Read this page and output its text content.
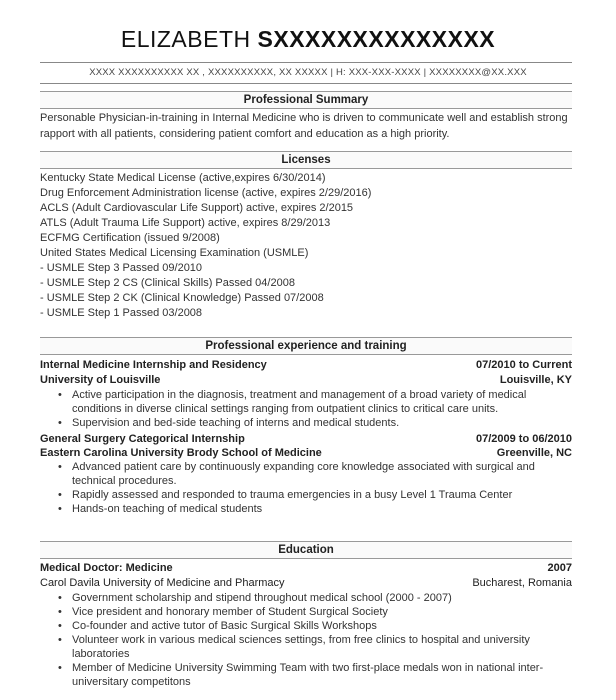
ELIZABETH SXXXXXXXXXXXXXX
XXXX XXXXXXXXXX XX , XXXXXXXXXX, XX XXXXX | H: XXX-XXX-XXXX | XXXXXXXX@XX.XXX
Professional Summary
Personable Physician-in-training in Internal Medicine who is driven to communicate well and establish strong rapport with all patients, considering patient comfort and education as a high priority.
Licenses
Kentucky State Medical License (active,expires 6/30/2014)
Drug Enforcement Administration license (active, expires 2/29/2016)
ACLS (Adult Cardiovascular Life Support) active, expires 2/2015
ATLS (Adult Trauma Life Support) active, expires 8/29/2013
ECFMG Certification (issued 9/2008)
United States Medical Licensing Examination (USMLE)
- USMLE Step 3 Passed 09/2010
- USMLE Step 2 CS (Clinical Skills) Passed 04/2008
- USMLE Step 2 CK (Clinical Knowledge) Passed 07/2008
- USMLE Step 1 Passed 03/2008
Professional experience and training
Internal Medicine Internship and Residency	07/2010 to Current
University of Louisville	Louisville, KY
• Active participation in the diagnosis, treatment and management of a broad variety of medical conditions in diverse clinical settings ranging from outpatient clinics to critical care units.
• Supervision and bed-side teaching of interns and medical students.
General Surgery Categorical Internship	07/2009 to 06/2010
Eastern Carolina University Brody School of Medicine	Greenville, NC
• Advanced patient care by continuously expanding core knowledge associated with surgical and technical procedures.
• Rapidly assessed and responded to trauma emergencies in a busy Level 1 Trauma Center
• Hands-on teaching of medical students
Education
Medical Doctor: Medicine	2007
Carol Davila University of Medicine and Pharmacy	Bucharest, Romania
• Government scholarship and stipend throughout medical school (2000 - 2007)
• Vice president and honorary member of Student Surgical Society
• Co-founder and active tutor of Basic Surgical Skills Workshops
• Volunteer work in various medical sciences settings, from free clinics to hospital and university laboratories
• Member of Medicine University Swimming Team with two first-place medals won in national inter-universitary competitons
